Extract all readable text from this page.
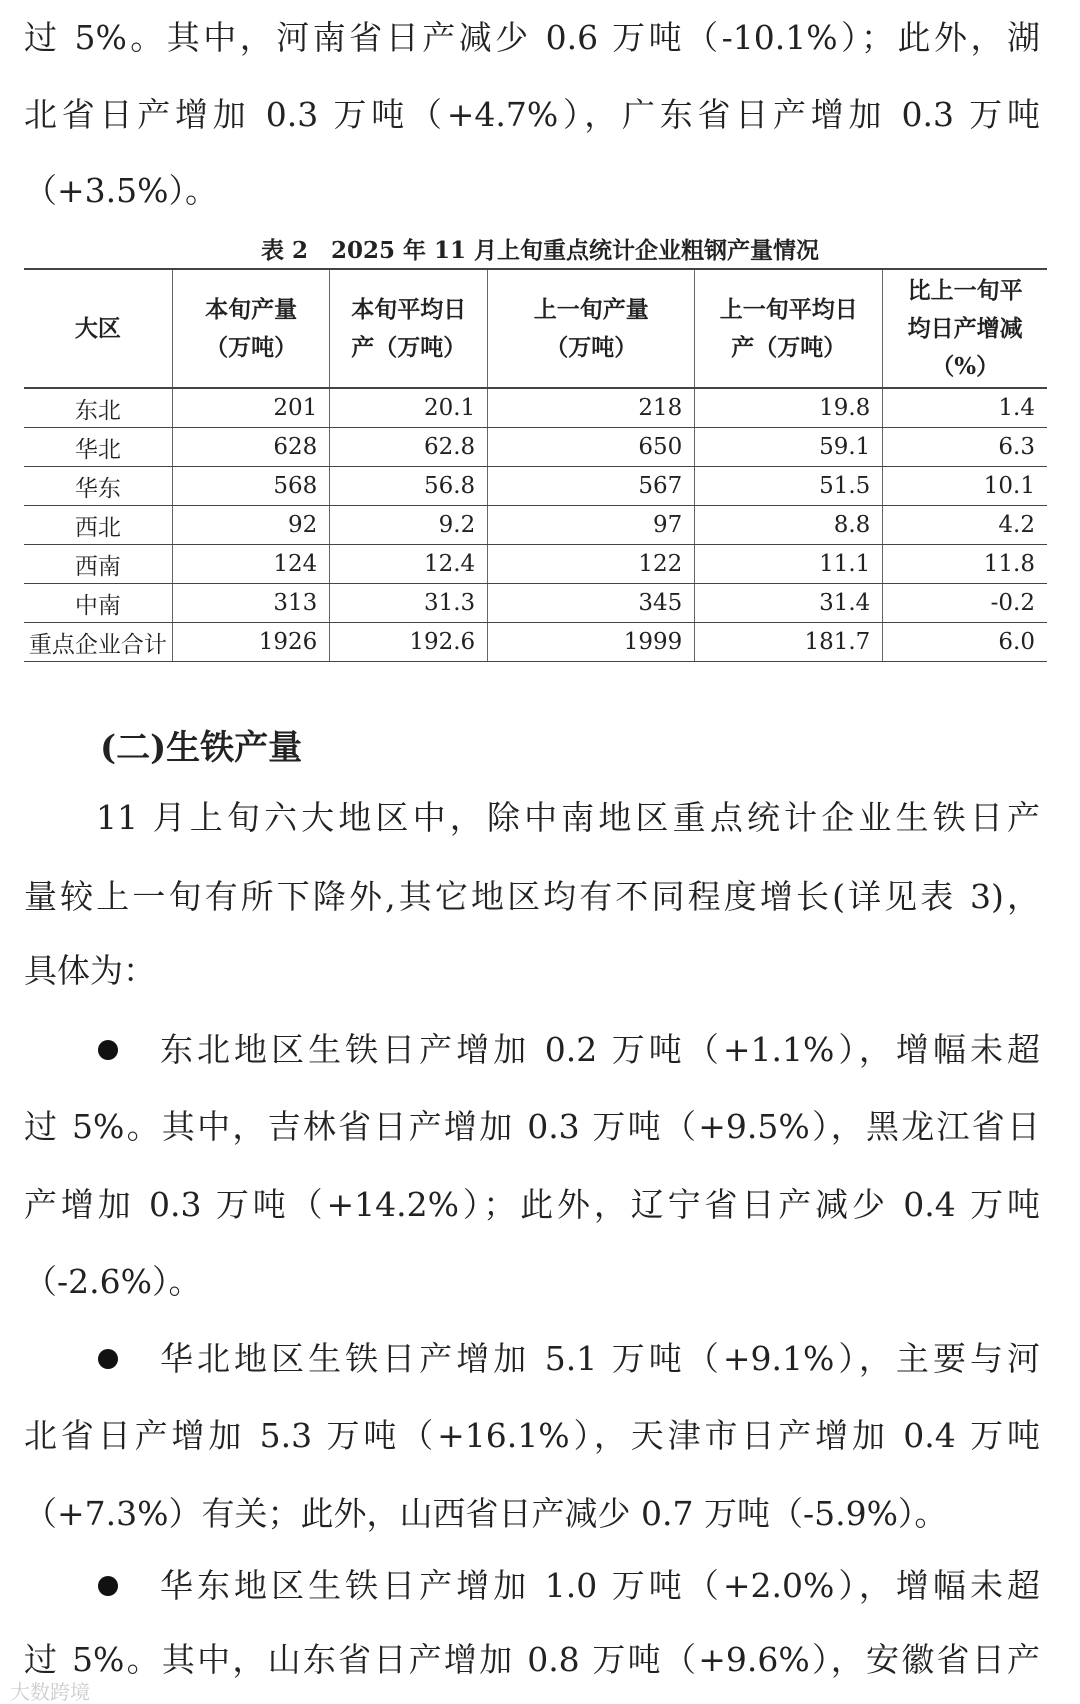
过 5%。其中，河南省日产减少 0.6 万吨（-10.1%）；此外，湖
北省日产增加 0.3 万吨（+4.7%），广东省日产增加 0.3 万吨
（+3.5%）。
表 2　2025 年 11 月上旬重点统计企业粗钢产量情况
大区	本旬产量（万吨）	本旬平均日产（万吨）	上一旬产量（万吨）	上一旬平均日产（万吨）	比上一旬平均日产增减（%）
东北	201	20.1	218	19.8	1.4
华北	628	62.8	650	59.1	6.3
华东	568	56.8	567	51.5	10.1
西北	92	9.2	97	8.8	4.2
西南	124	12.4	122	11.1	11.8
中南	313	31.3	345	31.4	-0.2
重点企业合计	1926	192.6	1999	181.7	6.0
(二)生铁产量
11 月上旬六大地区中，除中南地区重点统计企业生铁日产
量较上一旬有所下降外,其它地区均有不同程度增长(详见表 3)，
具体为：
东北地区生铁日产增加 0.2 万吨（+1.1%），增幅未超
过 5%。其中，吉林省日产增加 0.3 万吨（+9.5%），黑龙江省日
产增加 0.3 万吨（+14.2%）；此外，辽宁省日产减少 0.4 万吨
（-2.6%）。
华北地区生铁日产增加 5.1 万吨（+9.1%），主要与河
北省日产增加 5.3 万吨（+16.1%），天津市日产增加 0.4 万吨
（+7.3%）有关；此外，山西省日产减少 0.7 万吨（-5.9%）。
华东地区生铁日产增加 1.0 万吨（+2.0%），增幅未超
过 5%。其中，山东省日产增加 0.8 万吨（+9.6%），安徽省日产
大数跨境
